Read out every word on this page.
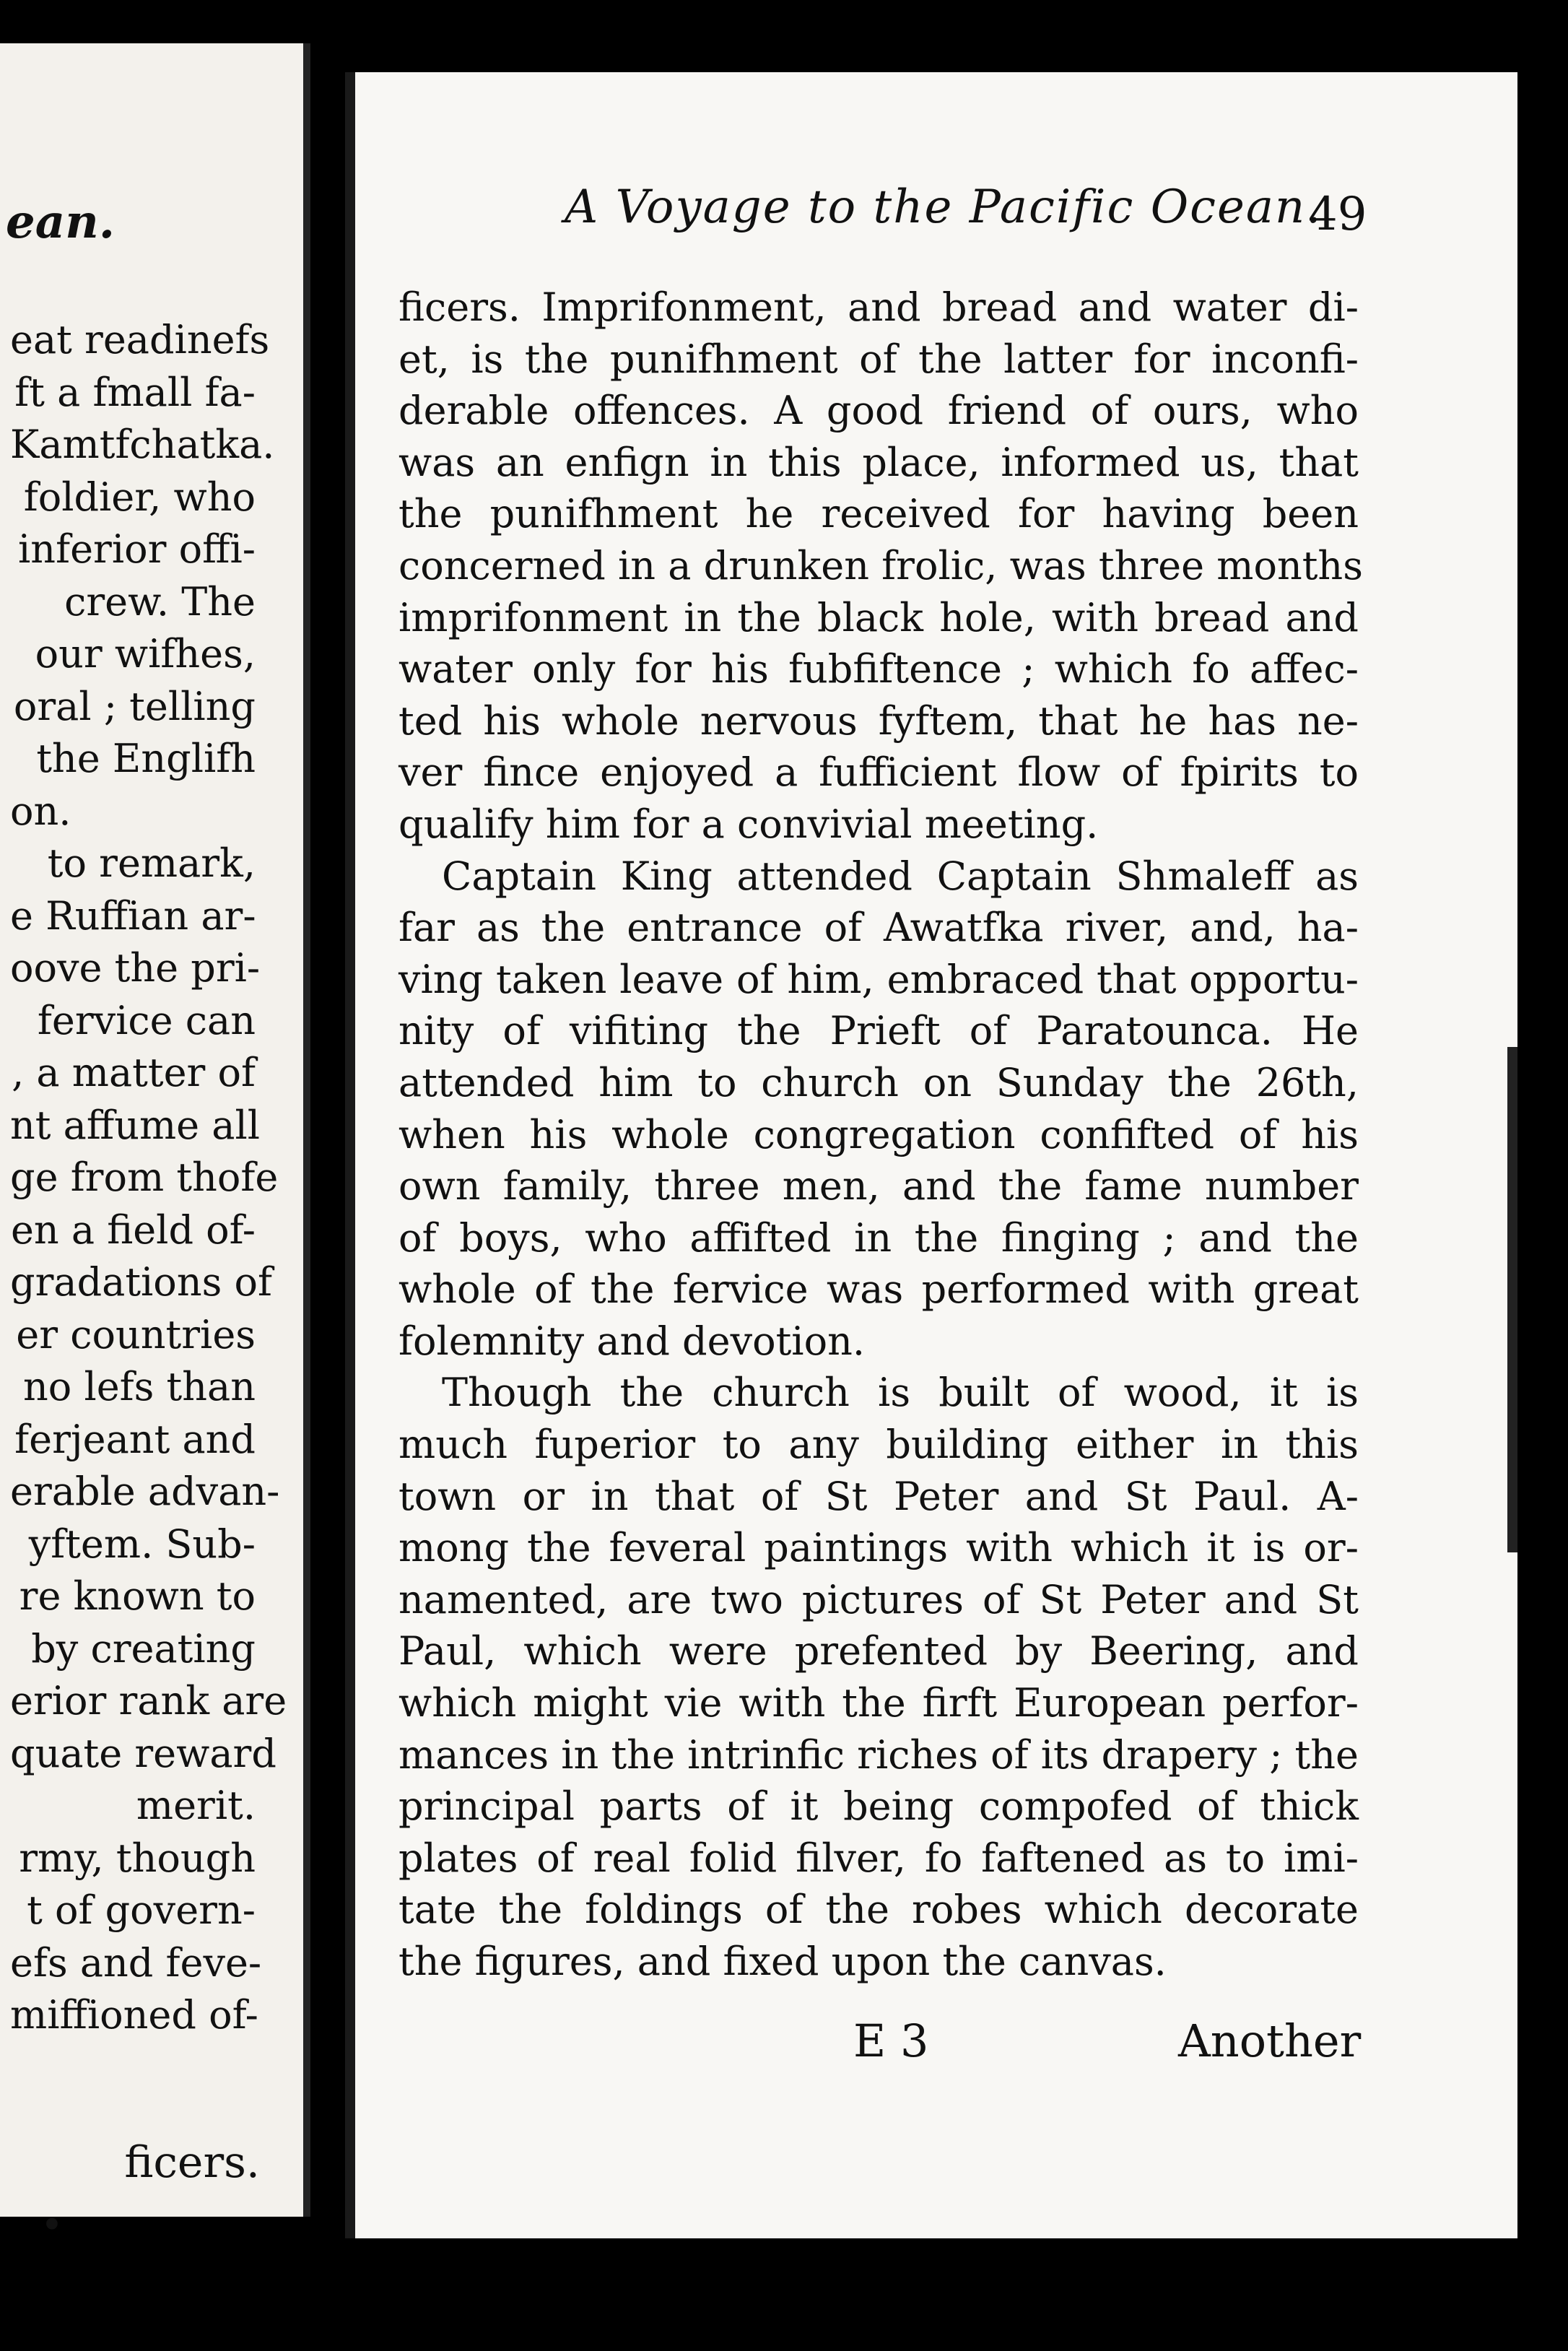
ean.
eat readinefs
ft a fmall fa-
Kamtfchatka.
foldier, who
inferior offi-
crew. The
our wifhes,
oral ; telling
the Englifh
on.
to remark,
e Ruffian ar-
oove the pri-
fervice can
, a matter of
nt affume all
ge from thofe
en a field of-
gradations of
er countries
no lefs than
ferjeant and
erable advan-
yftem. Sub-
re known to
by creating
erior rank are
quate reward
merit.
rmy, though
t of govern-
efs and feve-
miffioned of-
ficers.
•
A Voyage to the Pacific Ocean.
49
ficers. Imprifonment, and bread and water di-
et, is the punifhment of the latter for inconfi-
derable offences. A good friend of ours, who
was an enfign in this place, informed us, that
the punifhment he received for having been
concerned in a drunken frolic, was three months
imprifonment in the black hole, with bread and
water only for his fubfiftence ; which fo affec-
ted his whole nervous fyftem, that he has ne-
ver fince enjoyed a fufficient flow of fpirits to
qualify him for a convivial meeting.
Captain King attended Captain Shmaleff as
far as the entrance of Awatfka river, and, ha-
ving taken leave of him, embraced that opportu-
nity of vifiting the Prieft of Paratounca. He
attended him to church on Sunday the 26th,
when his whole congregation confifted of his
own family, three men, and the fame number
of boys, who affifted in the finging ; and the
whole of the fervice was performed with great
folemnity and devotion.
Though the church is built of wood, it is
much fuperior to any building either in this
town or in that of St Peter and St Paul. A-
mong the feveral paintings with which it is or-
namented, are two pictures of St Peter and St
Paul, which were prefented by Beering, and
which might vie with the firft European perfor-
mances in the intrinfic riches of its drapery ; the
principal parts of it being compofed of thick
plates of real folid filver, fo faftened as to imi-
tate the foldings of the robes which decorate
the figures, and fixed upon the canvas.
E 3	Another
